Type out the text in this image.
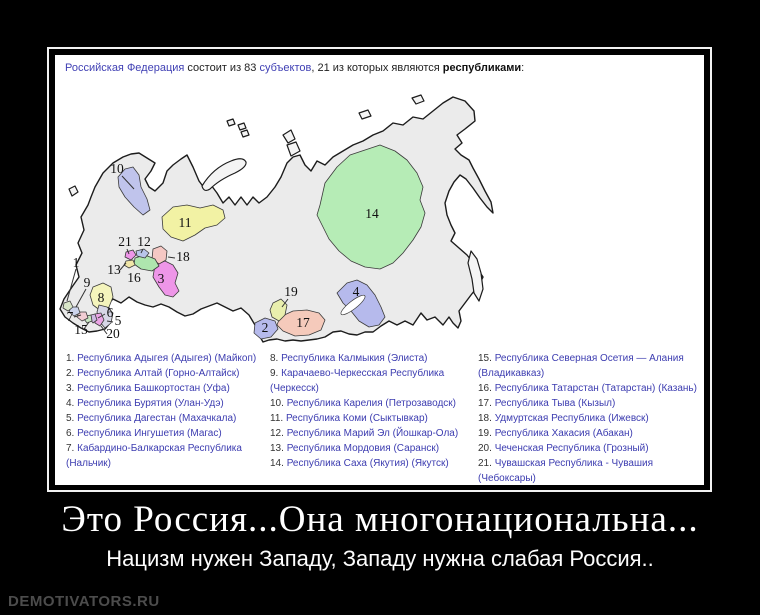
1
2
3
4
5
6
7
8
9
10
11
12
13
14
15
16
17
18
19
20
21
Российская Федерация состоит из 83 субъектов, 21 из которых являются республиками:
1. Республика Адыгея (Адыгея) (Майкоп)
2. Республика Алтай (Горно-Алтайск)
3. Республика Башкортостан (Уфа)
4. Республика Бурятия (Улан-Удэ)
5. Республика Дагестан (Махачкала)
6. Республика Ингушетия (Магас)
7. Кабардино-Балкарская Республика (Нальчик)
8. Республика Калмыкия (Элиста)
9. Карачаево-Черкесская Республика (Черкесск)
10. Республика Карелия (Петрозаводск)
11. Республика Коми (Сыктывкар)
12. Республика Марий Эл (Йошкар-Ола)
13. Республика Мордовия (Саранск)
14. Республика Саха (Якутия) (Якутск)
15. Республика Северная Осетия — Алания (Владикавказ)
16. Республика Татарстан (Татарстан) (Казань)
17. Республика Тыва (Кызыл)
18. Удмуртская Республика (Ижевск)
19. Республика Хакасия (Абакан)
20. Чеченская Республика (Грозный)
21. Чувашская Республика - Чувашия (Чебоксары)
Это Россия...Она многонациональна...
Нацизм нужен Западу, Западу нужна слабая Россия..
DEMOTIVATORS.RU
